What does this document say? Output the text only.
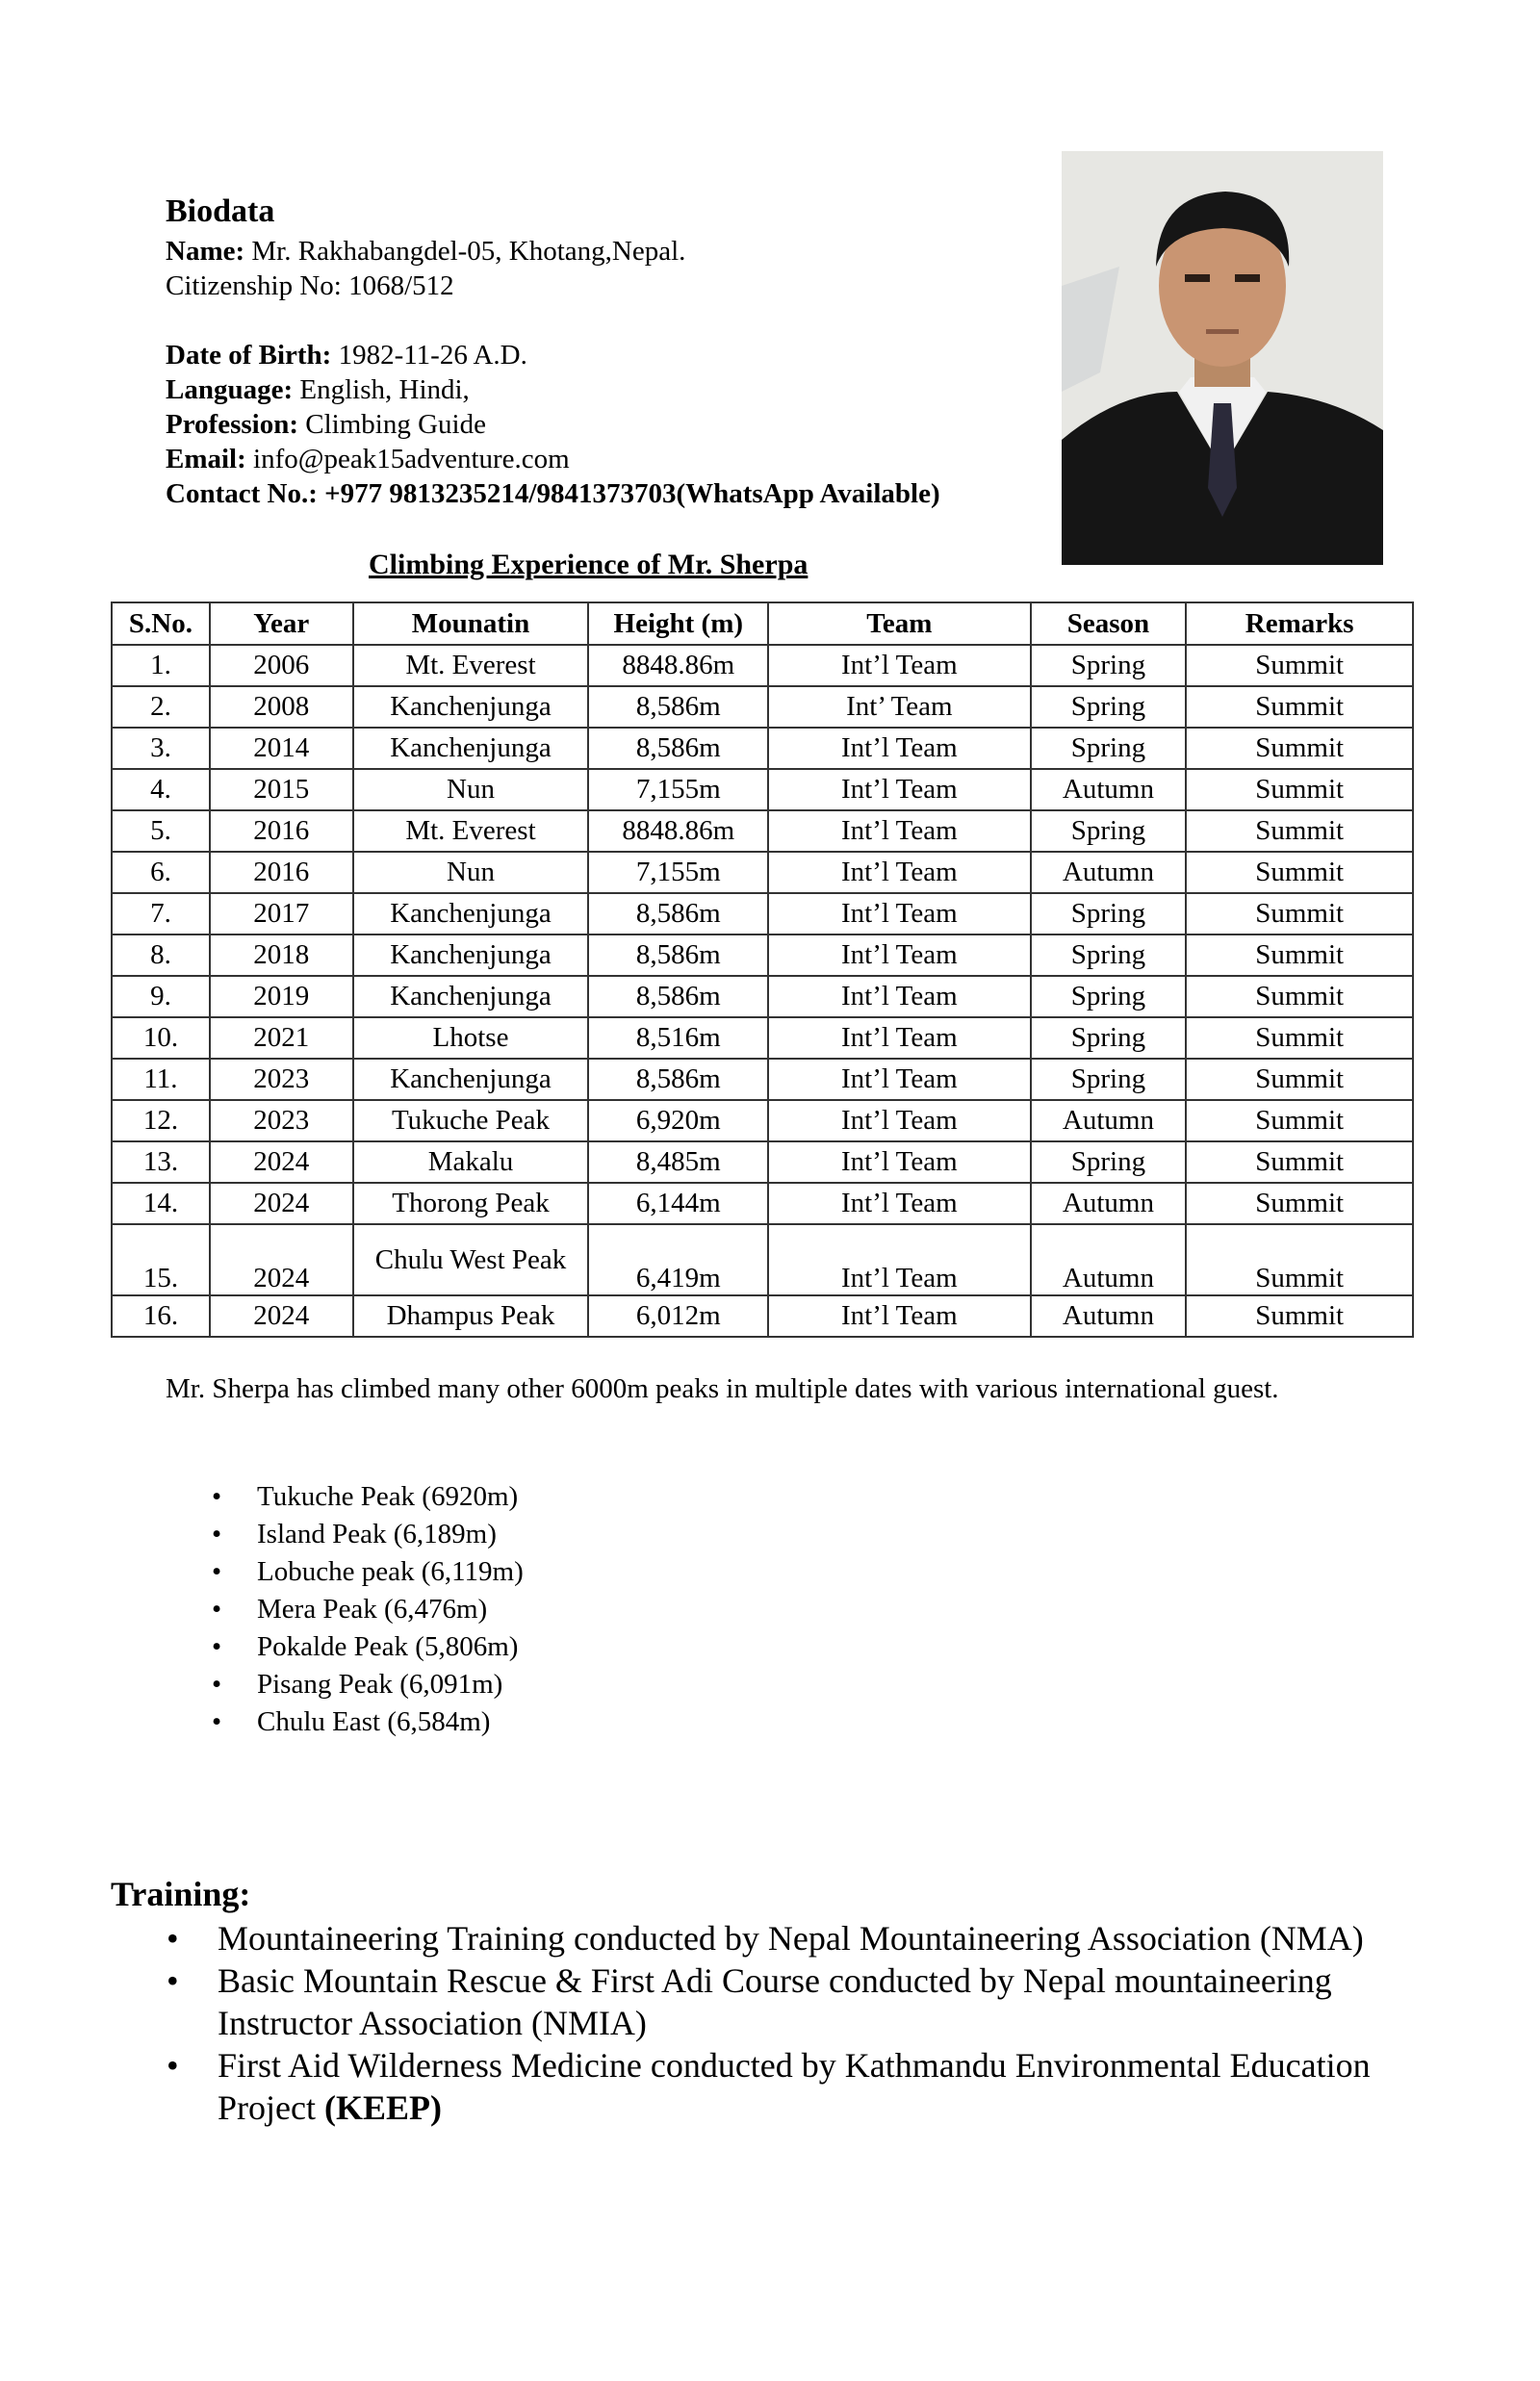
Biodata
Name: Mr. Rakhabangdel-05, Khotang,Nepal.
Citizenship No: 1068/512
Date of Birth: 1982-11-26 A.D.
Language: English, Hindi,
Profession: Climbing Guide
Email: info@peak15adventure.com
Contact No.: +977 9813235214/9841373703(WhatsApp Available)
Climbing Experience of Mr. Sherpa
S.No.	Year	Mounatin	Height (m)	Team	Season	Remarks
1.	2006	Mt. Everest	8848.86m	Int’l Team	Spring	Summit
2.	2008	Kanchenjunga	8,586m	Int’ Team	Spring	Summit
3.	2014	Kanchenjunga	8,586m	Int’l Team	Spring	Summit
4.	2015	Nun	7,155m	Int’l Team	Autumn	Summit
5.	2016	Mt. Everest	8848.86m	Int’l Team	Spring	Summit
6.	2016	Nun	7,155m	Int’l Team	Autumn	Summit
7.	2017	Kanchenjunga	8,586m	Int’l Team	Spring	Summit
8.	2018	Kanchenjunga	8,586m	Int’l Team	Spring	Summit
9.	2019	Kanchenjunga	8,586m	Int’l Team	Spring	Summit
10.	2021	Lhotse	8,516m	Int’l Team	Spring	Summit
11.	2023	Kanchenjunga	8,586m	Int’l Team	Spring	Summit
12.	2023	Tukuche Peak	6,920m	Int’l Team	Autumn	Summit
13.	2024	Makalu	8,485m	Int’l Team	Spring	Summit
14.	2024	Thorong Peak	6,144m	Int’l Team	Autumn	Summit
15.	2024	Chulu West Peak	6,419m	Int’l Team	Autumn	Summit
16.	2024	Dhampus Peak	6,012m	Int’l Team	Autumn	Summit
Mr. Sherpa has climbed many other 6000m peaks in multiple dates with various international guest.
• Tukuche Peak (6920m)
• Island Peak (6,189m)
• Lobuche peak (6,119m)
• Mera Peak (6,476m)
• Pokalde Peak (5,806m)
• Pisang Peak (6,091m)
• Chulu East (6,584m)
Training:
• Mountaineering Training conducted by Nepal Mountaineering Association (NMA)
• Basic Mountain Rescue & First Adi Course conducted by Nepal mountaineering Instructor Association (NMIA)
• First Aid Wilderness Medicine conducted by Kathmandu Environmental Education Project (KEEP)
